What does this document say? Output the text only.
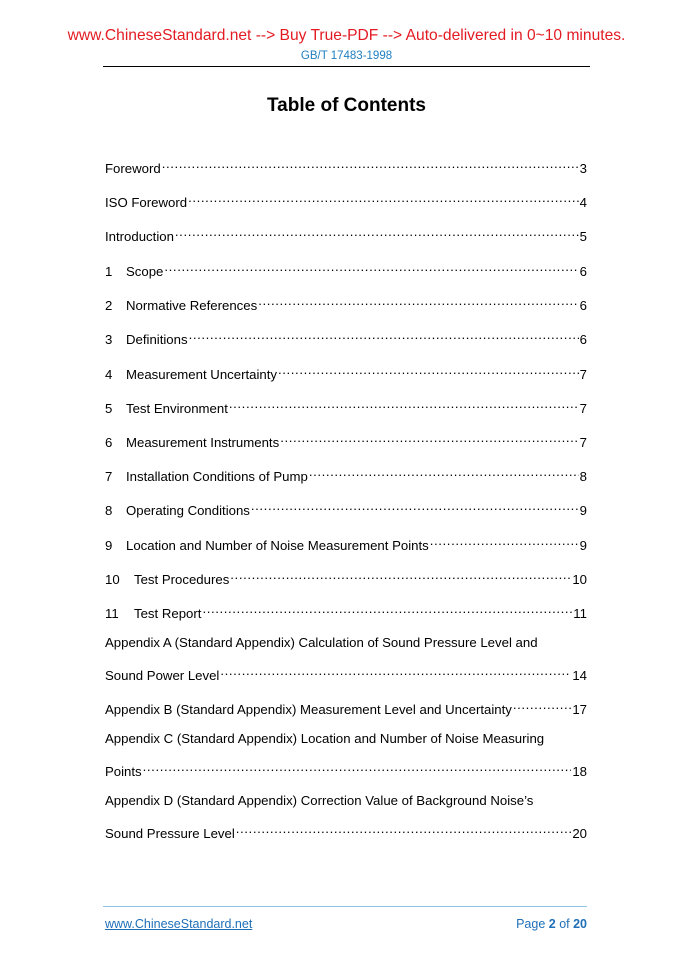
www.ChineseStandard.net --> Buy True-PDF --> Auto-delivered in 0~10 minutes.
GB/T 17483-1998
Table of Contents
Foreword .....	3
ISO Foreword .....	4
Introduction .....	5
1	Scope .....	6
2	Normative References .....	6
3	Definitions .....	6
4	Measurement Uncertainty .....	7
5	Test Environment .....	7
6	Measurement Instruments .....	7
7	Installation Conditions of Pump .....	8
8	Operating Conditions .....	9
9	Location and Number of Noise Measurement Points .....	9
10	Test Procedures .....	10
11	Test Report .....	11
Appendix A (Standard Appendix) Calculation of Sound Pressure Level and
Sound Power Level .....	14
Appendix B (Standard Appendix) Measurement Level and Uncertainty .....	17
Appendix C (Standard Appendix) Location and Number of Noise Measuring
Points .....	18
Appendix D (Standard Appendix) Correction Value of Background Noise’s
Sound Pressure Level .....	20
www.ChineseStandard.net	Page 2 of 20
